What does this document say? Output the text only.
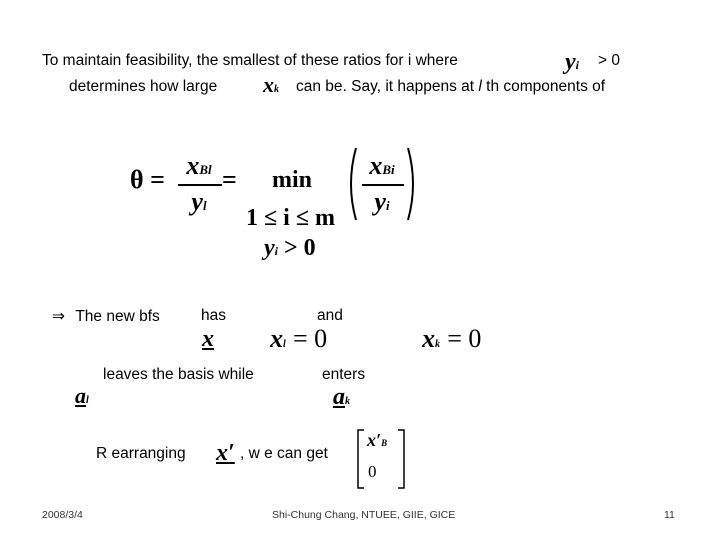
To maintain feasibility, the smallest of these ratios for i where	yi > 0
determines how large xk can be. Say, it happens at l th components of
θ = xBl
yl
= min
1 ≤ i ≤ m
yi > 0
xBi
yi
⇒ The new bfs	has
x
and
xl = 0	xk = 0
leaves the basis while	enters
al	ak
R earranging x′ , w e can get
x′B
0
2008/3/4	Shi-Chung Chang, NTUEE, GIIE, GICE	11
